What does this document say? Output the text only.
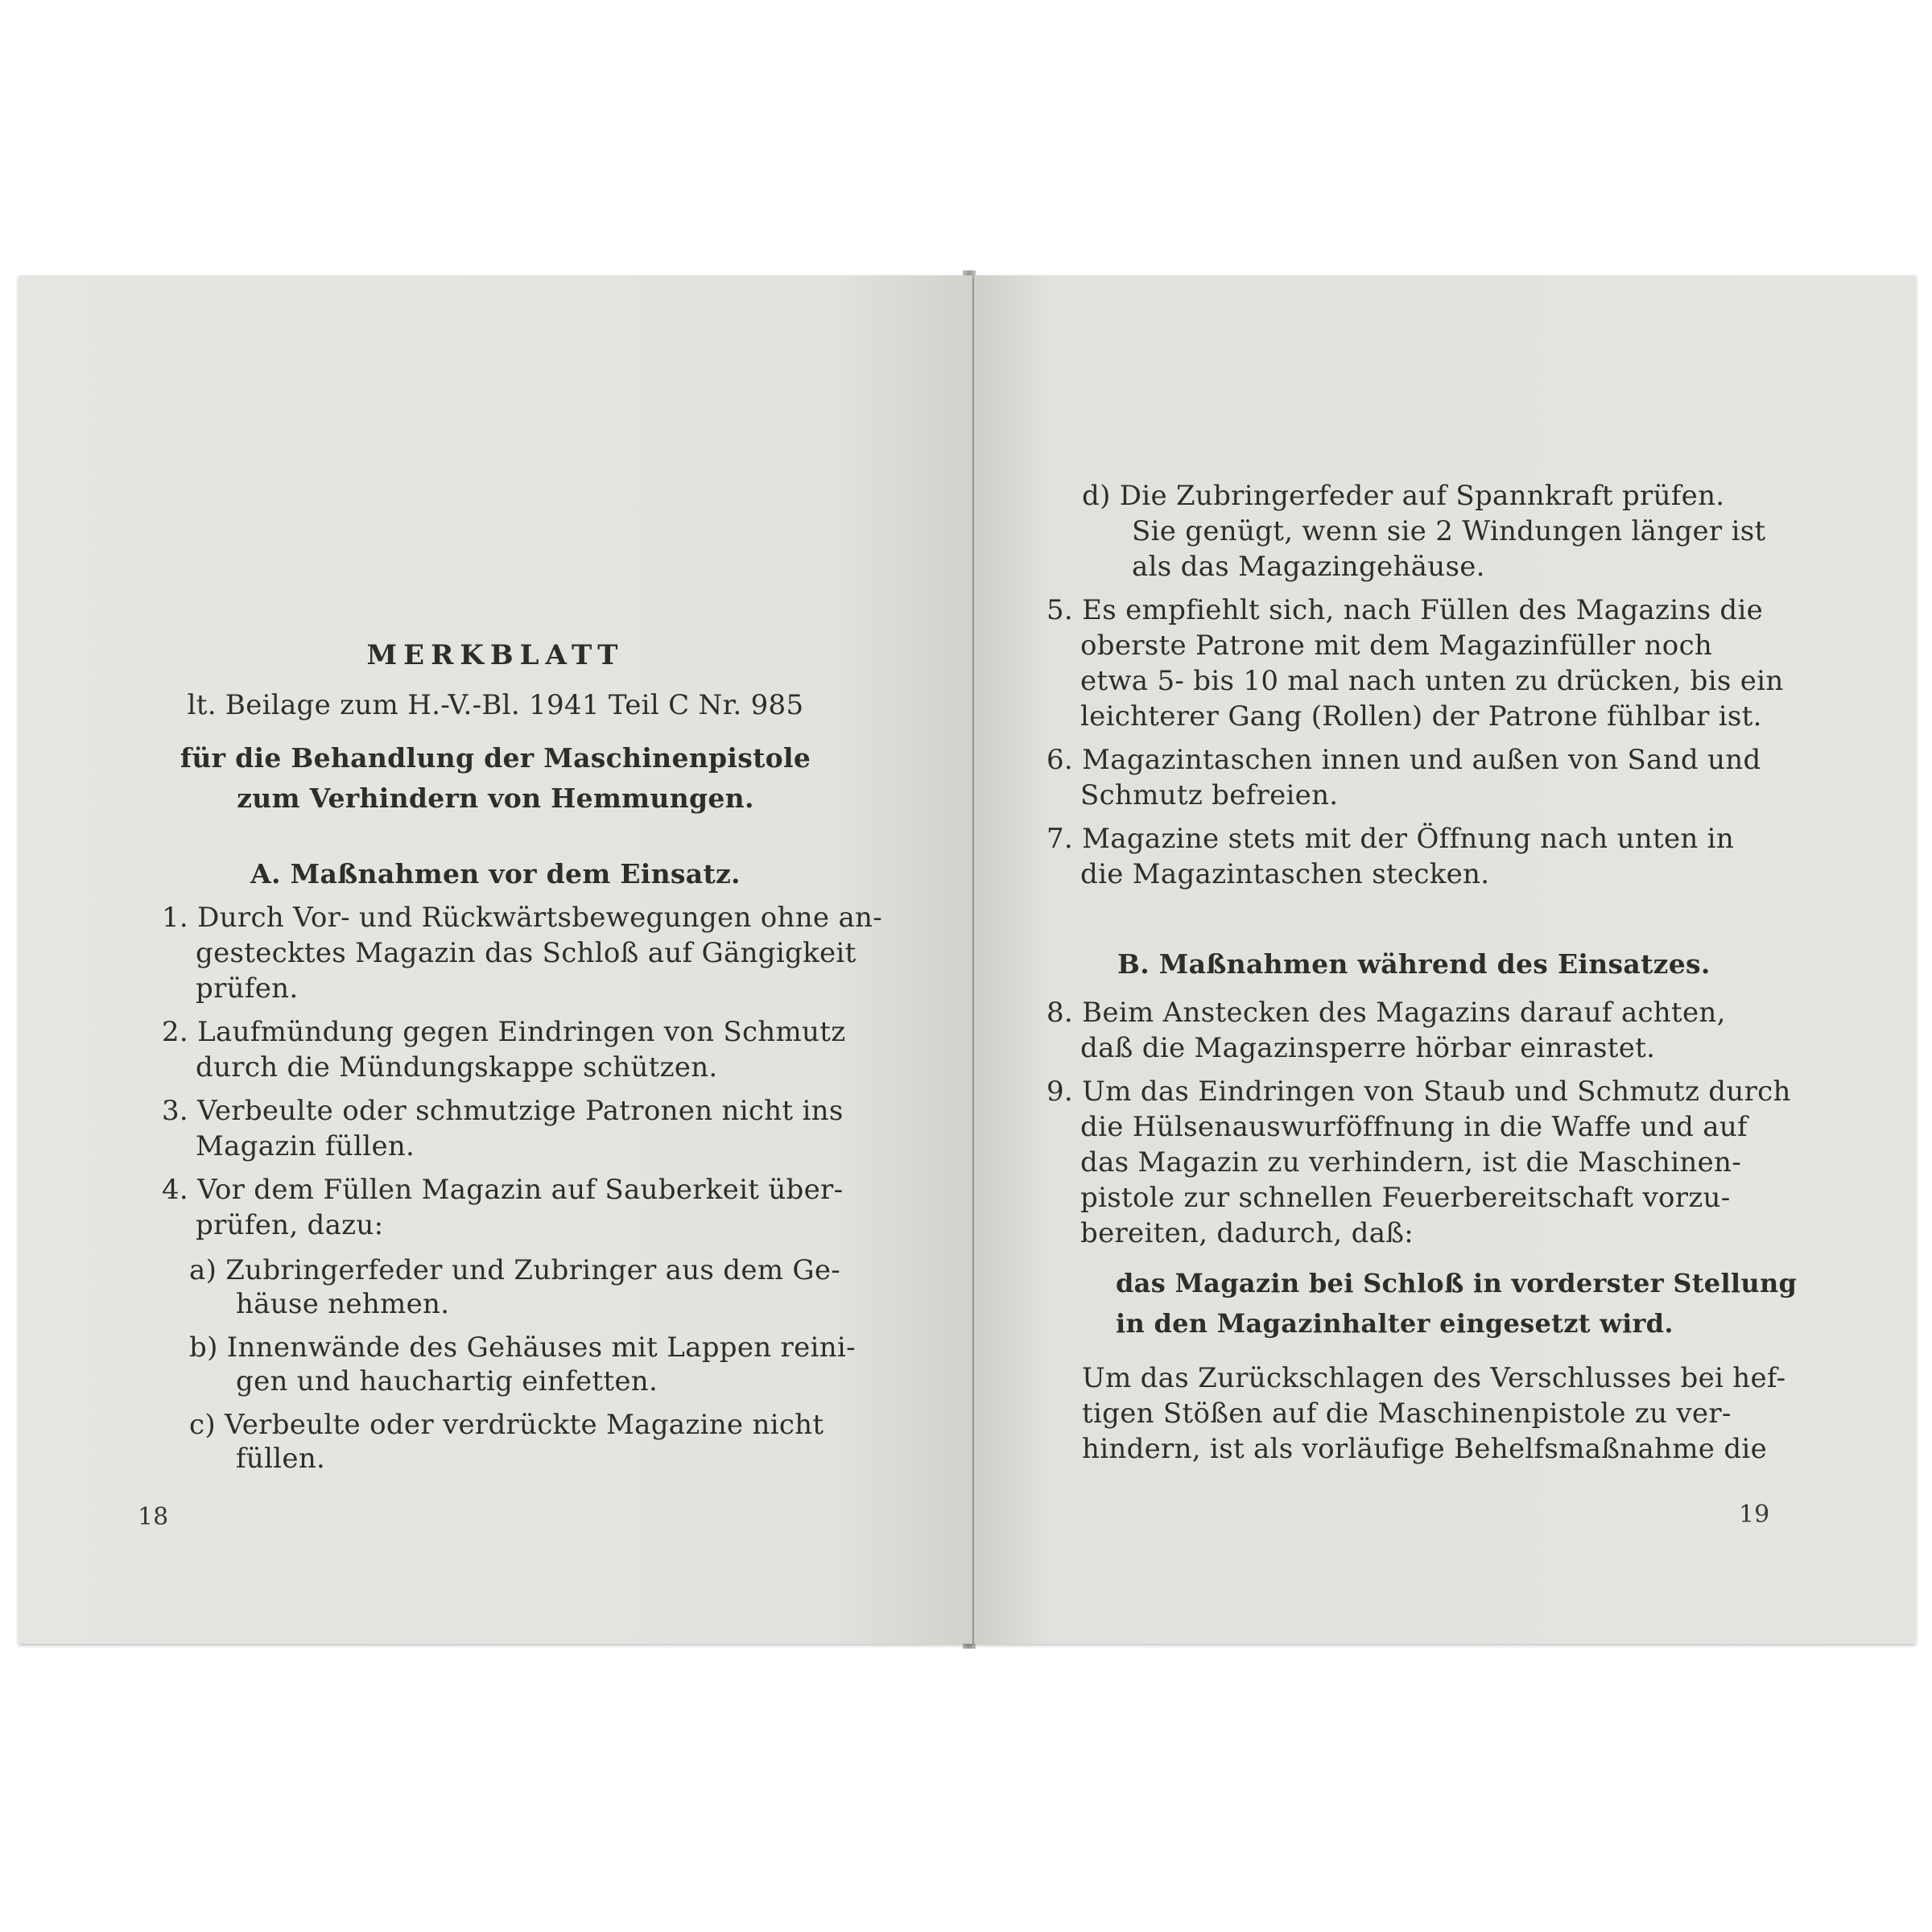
MERKBLATT
lt. Beilage zum H.-V.-Bl. 1941 Teil C Nr. 985
für die Behandlung der Maschinenpistole
zum Verhindern von Hemmungen.
A. Maßnahmen vor dem Einsatz.
1. Durch Vor- und Rückwärtsbewegungen ohne an-
gestecktes Magazin das Schloß auf Gängigkeit
prüfen.
2. Laufmündung gegen Eindringen von Schmutz
durch die Mündungskappe schützen.
3. Verbeulte oder schmutzige Patronen nicht ins
Magazin füllen.
4. Vor dem Füllen Magazin auf Sauberkeit über-
prüfen, dazu:
a) Zubringerfeder und Zubringer aus dem Ge-
häuse nehmen.
b) Innenwände des Gehäuses mit Lappen reini-
gen und hauchartig einfetten.
c) Verbeulte oder verdrückte Magazine nicht
füllen.
18
d) Die Zubringerfeder auf Spannkraft prüfen.
Sie genügt, wenn sie 2 Windungen länger ist
als das Magazingehäuse.
5. Es empfiehlt sich, nach Füllen des Magazins die
oberste Patrone mit dem Magazinfüller noch
etwa 5- bis 10 mal nach unten zu drücken, bis ein
leichterer Gang (Rollen) der Patrone fühlbar ist.
6. Magazintaschen innen und außen von Sand und
Schmutz befreien.
7. Magazine stets mit der Öffnung nach unten in
die Magazintaschen stecken.
B. Maßnahmen während des Einsatzes.
8. Beim Anstecken des Magazins darauf achten,
daß die Magazinsperre hörbar einrastet.
9. Um das Eindringen von Staub und Schmutz durch
die Hülsenauswurföffnung in die Waffe und auf
das Magazin zu verhindern, ist die Maschinen-
pistole zur schnellen Feuerbereitschaft vorzu-
bereiten, dadurch, daß:
das Magazin bei Schloß in vorderster Stellung
in den Magazinhalter eingesetzt wird.
Um das Zurückschlagen des Verschlusses bei hef-
tigen Stößen auf die Maschinenpistole zu ver-
hindern, ist als vorläufige Behelfsmaßnahme die
19
